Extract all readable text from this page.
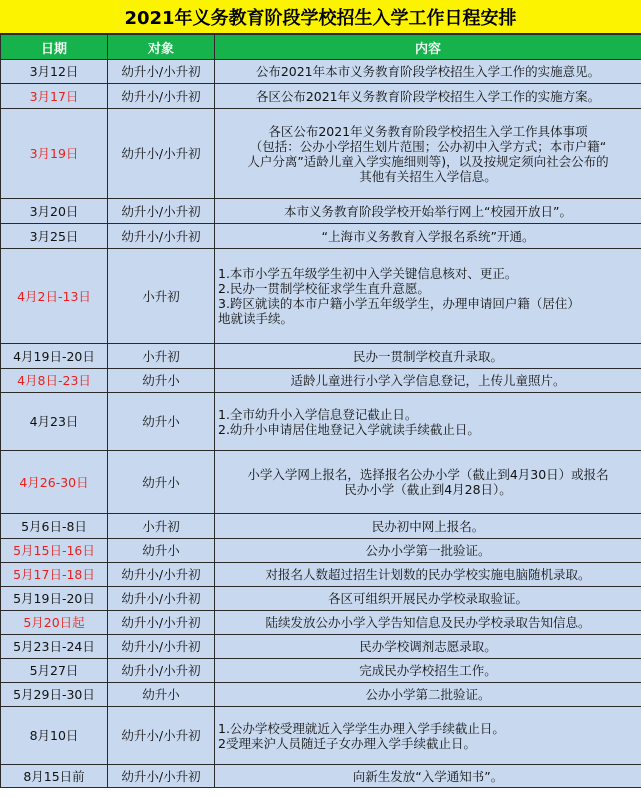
2021年义务教育阶段学校招生入学工作日程安排
日期	对象	内容
3月12日	幼升小/小升初	公布2021年本市义务教育阶段学校招生入学工作的实施意见。

3月17日	幼升小/小升初	各区公布2021年义务教育阶段学校招生入学工作的实施方案。

3月19日	幼升小/小升初	各区公布2021年义务教育阶段学校招生入学工作具体事项
（包括：公办小学招生划片范围；公办初中入学方式；本市户籍“
人户分离”适龄儿童入学实施细则等)，以及按规定须向社会公布的
其他有关招生入学信息。

3月20日	幼升小/小升初	本市义务教育阶段学校开始举行网上“校园开放日”。

3月25日	幼升小/小升初	“上海市义务教育入学报名系统”开通。

4月2日-13日	小升初	1.本市小学五年级学生初中入学关键信息核对、更正。
2.民办一贯制学校征求学生直升意愿。
3.跨区就读的本市户籍小学五年级学生，办理申请回户籍（居住）
地就读手续。

4月19日-20日	小升初	民办一贯制学校直升录取。

4月8日-23日	幼升小	适龄儿童进行小学入学信息登记，上传儿童照片。

4月23日	幼升小	1.全市幼升小入学信息登记截止日。
2.幼升小申请居住地登记入学就读手续截止日。

4月26-30日	幼升小	小学入学网上报名，选择报名公办小学（截止到4月30日）或报名
民办小学（截止到4月28日）。

5月6日-8日	小升初	民办初中网上报名。

5月15日-16日	幼升小	公办小学第一批验证。

5月17日-18日	幼升小/小升初	对报名人数超过招生计划数的民办学校实施电脑随机录取。

5月19日-20日	幼升小/小升初	各区可组织开展民办学校录取验证。

5月20日起	幼升小/小升初	陆续发放公办小学入学告知信息及民办学校录取告知信息。

5月23日-24日	幼升小/小升初	民办学校调剂志愿录取。

5月27日	幼升小/小升初	完成民办学校招生工作。

5月29日-30日	幼升小	公办小学第二批验证。

8月10日	幼升小/小升初	1.公办学校受理就近入学学生办理入学手续截止日。
2受理来沪人员随迁子女办理入学手续截止日。

8月15日前	幼升小/小升初	向新生发放“入学通知书”。
